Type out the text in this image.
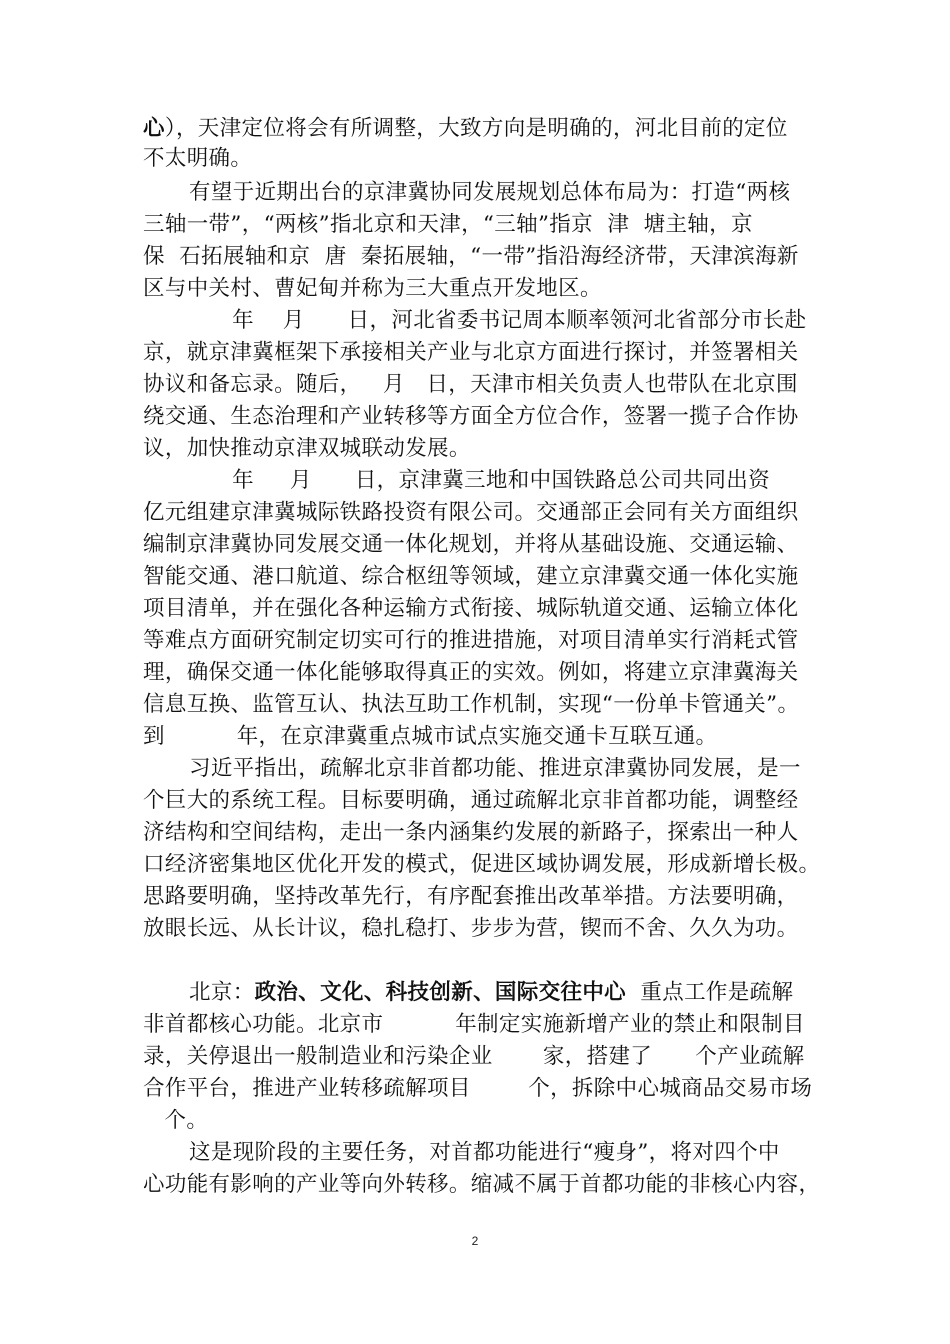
心），天津定位将会有所调整，大致方向是明确的，河北目前的定位
不太明确。
有望于近期出台的京津冀协同发展规划总体布局为：打造“两核
三轴一带”，“两核”指北京和天津，“三轴”指京  津  塘主轴，京
保  石拓展轴和京  唐  秦拓展轴，“一带”指沿海经济带，天津滨海新
区与中关村、曹妃甸并称为三大重点开发地区。
年    月      日，河北省委书记周本顺率领河北省部分市长赴
京，就京津冀框架下承接相关产业与北京方面进行探讨，并签署相关
协议和备忘录。随后，   月   日，天津市相关负责人也带队在北京围
绕交通、生态治理和产业转移等方面全方位合作，签署一揽子合作协
议，加快推动京津双城联动发展。
年     月      日，京津冀三地和中国铁路总公司共同出资
亿元组建京津冀城际铁路投资有限公司。交通部正会同有关方面组织
编制京津冀协同发展交通一体化规划，并将从基础设施、交通运输、
智能交通、港口航道、综合枢纽等领域，建立京津冀交通一体化实施
项目清单，并在强化各种运输方式衔接、城际轨道交通、运输立体化
等难点方面研究制定切实可行的推进措施，对项目清单实行消耗式管
理，确保交通一体化能够取得真正的实效。例如，将建立京津冀海关
信息互换、监管互认、执法互助工作机制，实现“一份单卡管通关”。
到          年，在京津冀重点城市试点实施交通卡互联互通。
习近平指出，疏解北京非首都功能、推进京津冀协同发展，是一
个巨大的系统工程。目标要明确，通过疏解北京非首都功能，调整经
济结构和空间结构，走出一条内涵集约发展的新路子，探索出一种人
口经济密集地区优化开发的模式，促进区域协调发展，形成新增长极。
思路要明确，坚持改革先行，有序配套推出改革举措。方法要明确，
放眼长远、从长计议，稳扎稳打、步步为营，锲而不舍、久久为功。
北京：政治、文化、科技创新、国际交往中心  重点工作是疏解
非首都核心功能。北京市          年制定实施新增产业的禁止和限制目
录，关停退出一般制造业和污染企业       家，搭建了      个产业疏解
合作平台，推进产业转移疏解项目        个，拆除中心城商品交易市场
个。
这是现阶段的主要任务，对首都功能进行“瘦身”，将对四个中
心功能有影响的产业等向外转移。缩减不属于首都功能的非核心内容，
2
